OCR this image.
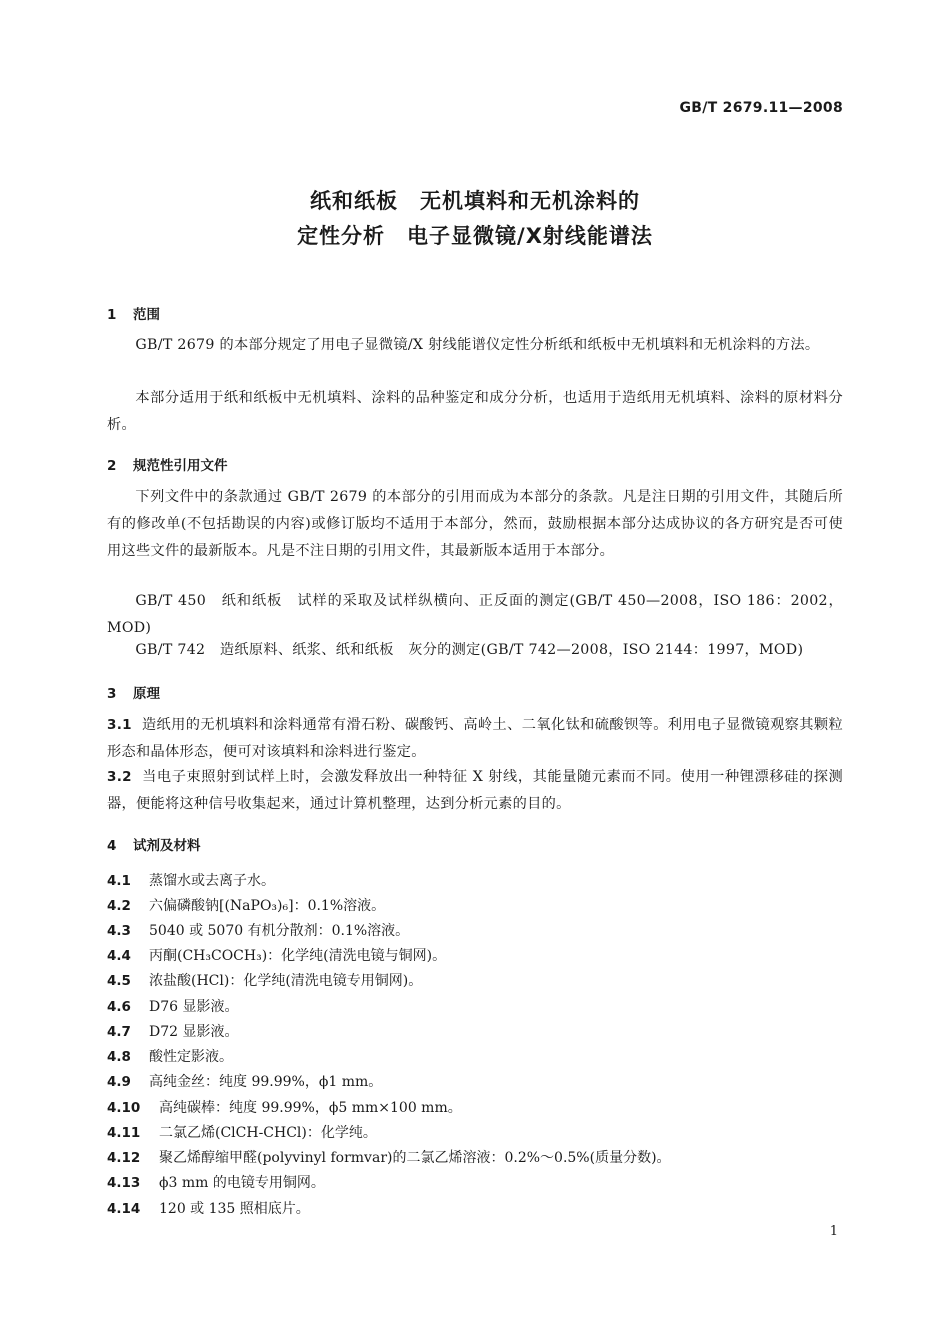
GB/T 2679.11—2008
纸和纸板　无机填料和无机涂料的
定性分析　电子显微镜/X射线能谱法
1 范围
GB/T 2679 的本部分规定了用电子显微镜/X 射线能谱仪定性分析纸和纸板中无机填料和无机涂料的方法。
本部分适用于纸和纸板中无机填料、涂料的品种鉴定和成分分析，也适用于造纸用无机填料、涂料的原材料分析。
2 规范性引用文件
下列文件中的条款通过 GB/T 2679 的本部分的引用而成为本部分的条款。凡是注日期的引用文件，其随后所有的修改单(不包括勘误的内容)或修订版均不适用于本部分，然而，鼓励根据本部分达成协议的各方研究是否可使用这些文件的最新版本。凡是不注日期的引用文件，其最新版本适用于本部分。
GB/T 450　纸和纸板　试样的采取及试样纵横向、正反面的测定(GB/T 450—2008，ISO 186：2002，MOD)
GB/T 742　造纸原料、纸浆、纸和纸板　灰分的测定(GB/T 742—2008，ISO 2144：1997，MOD)
3 原理
3.1 造纸用的无机填料和涂料通常有滑石粉、碳酸钙、高岭土、二氧化钛和硫酸钡等。利用电子显微镜观察其颗粒形态和晶体形态，便可对该填料和涂料进行鉴定。
3.2 当电子束照射到试样上时，会激发释放出一种特征 X 射线，其能量随元素而不同。使用一种锂漂移硅的探测器，便能将这种信号收集起来，通过计算机整理，达到分析元素的目的。
4 试剂及材料
4.1 蒸馏水或去离子水。
4.2 六偏磷酸钠[(NaPO₃)₆]：0.1%溶液。
4.3 5040 或 5070 有机分散剂：0.1%溶液。
4.4 丙酮(CH₃COCH₃)：化学纯(清洗电镜与铜网)。
4.5 浓盐酸(HCl)：化学纯(清洗电镜专用铜网)。
4.6 D76 显影液。
4.7 D72 显影液。
4.8 酸性定影液。
4.9 高纯金丝：纯度 99.99%，ϕ1 mm。
4.10 高纯碳棒：纯度 99.99%，ϕ5 mm×100 mm。
4.11 二氯乙烯(ClCH-CHCl)：化学纯。
4.12 聚乙烯醇缩甲醛(polyvinyl formvar)的二氯乙烯溶液：0.2%～0.5%(质量分数)。
4.13 ϕ3 mm 的电镜专用铜网。
4.14 120 或 135 照相底片。
1
